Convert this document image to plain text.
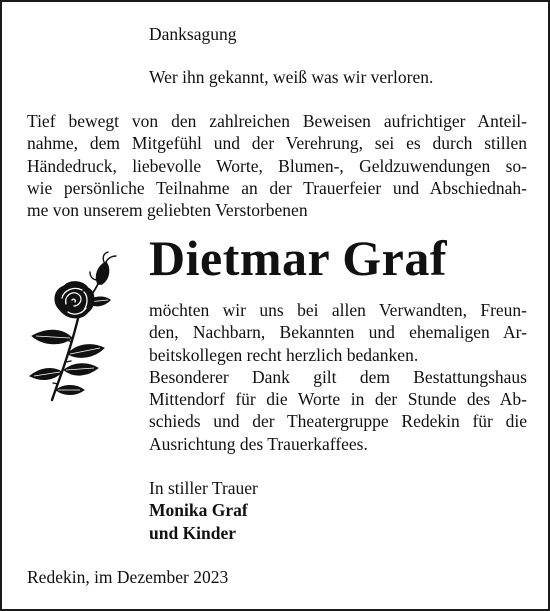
Danksagung

Wer ihn gekannt, weiß was wir verloren.

Tief bewegt von den zahlreichen Beweisen aufrichtiger Anteil-
nahme, dem Mitgefühl und der Verehrung, sei es durch stillen
Händedruck, liebevolle Worte, Blumen-, Geldzuwendungen so-
wie persönliche Teilnahme an der Trauerfeier und Abschiednah-
me von unserem geliebten Verstorbenen

Dietmar Graf

möchten wir uns bei allen Verwandten, Freun-
den, Nachbarn, Bekannten und ehemaligen Ar-
beitskollegen recht herzlich bedanken.
Besonderer Dank gilt dem Bestattungshaus
Mittendorf für die Worte in der Stunde des Ab-
schieds und der Theatergruppe Redekin für die
Ausrichtung des Trauerkaffees.

In stiller Trauer
Monika Graf
und Kinder

Redekin, im Dezember 2023
